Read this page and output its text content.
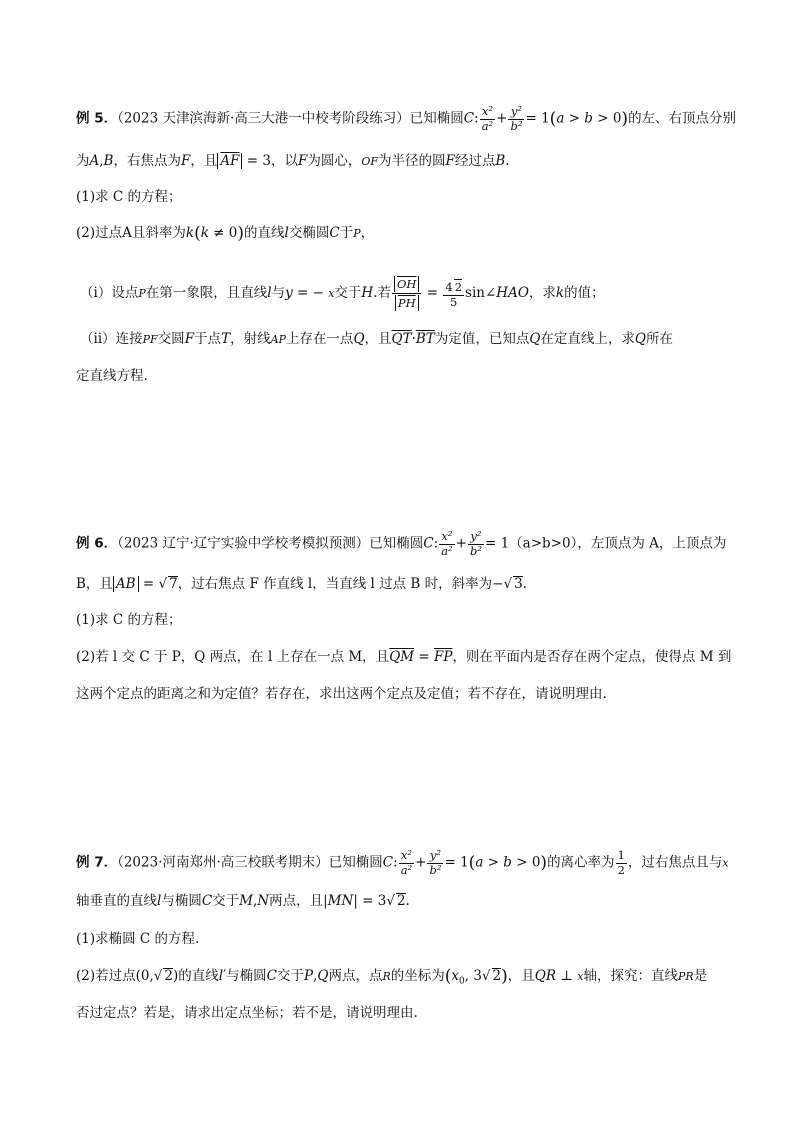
例 5．（2023 天津滨海新·高三大港一中校考阶段练习）已知椭圆C: $\frac{\text{x²}}{\text{a²}} + \frac{\text{y²}}{\text{b²}} = 1(a > b > 0)$的左、右顶点分别
为A,B，右焦点为F，且 $\overline{AF} = 3$，以F为圆心，OF为半径的圆F经过点B.
(1)求 C 的方程；
(2)过点A且斜率为k(k ≠ 0)的直线l交椭圆C于P，
（ⅰ）设点P在第一象限，且直线l与y = − x交于H.若 $\frac{\overline{OH}}{PH} = \frac{4 2}{5}$ sin∠HAO，求k的值；
（ⅱ）连接PF交圆F于点T，射线AP上存在一点Q，且$\overline{QT}\cdot\overline{BT}$为定值，已知点Q在定直线上，求Q所在
定直线方程.
例 6．（2023 辽宁·辽宁实验中学校考模拟预测）已知椭圆C: $\frac{\text{x²}}{\text{a²}} + \frac{\text{y²}}{\text{b²}} = 1(a>b>0)$，左顶点为 A，上顶点为
B，且 AB = √ 7，过右焦点 F 作直线 l，当直线 l 过点 B 时，斜率为−√ 3.
(1)求 C 的方程；
(2)若 l 交 C 于 P，Q 两点，在 l 上存在一点 M，且$\overline{QM} = \overline{FP}$，则在平面内是否存在两个定点，使得点 M 到
这两个定点的距离之和为定值？若存在，求出这两个定点及定值；若不存在，请说明理由.
例 7．（2023·河南郑州·高三校联考期末）已知椭圆C: $\frac{\text{x²}}{\text{a²}} + \frac{\text{y²}}{\text{b²}} = 1(a > b > 0)$的离心率为 $\frac{1}{2}$ ，过右焦点且与x
轴垂直的直线l与椭圆C交于M,N两点，且|MN| = 3√ 2.
(1)求椭圆 C 的方程.
(2)若过点(0,√ 2)的直线l′与椭圆C交于P,Q两点，点R的坐标为($x_0$, 3√ 2)，且QR ⊥ x轴，探究：直线PR是
否过定点？若是，请求出定点坐标；若不是，请说明理由.
